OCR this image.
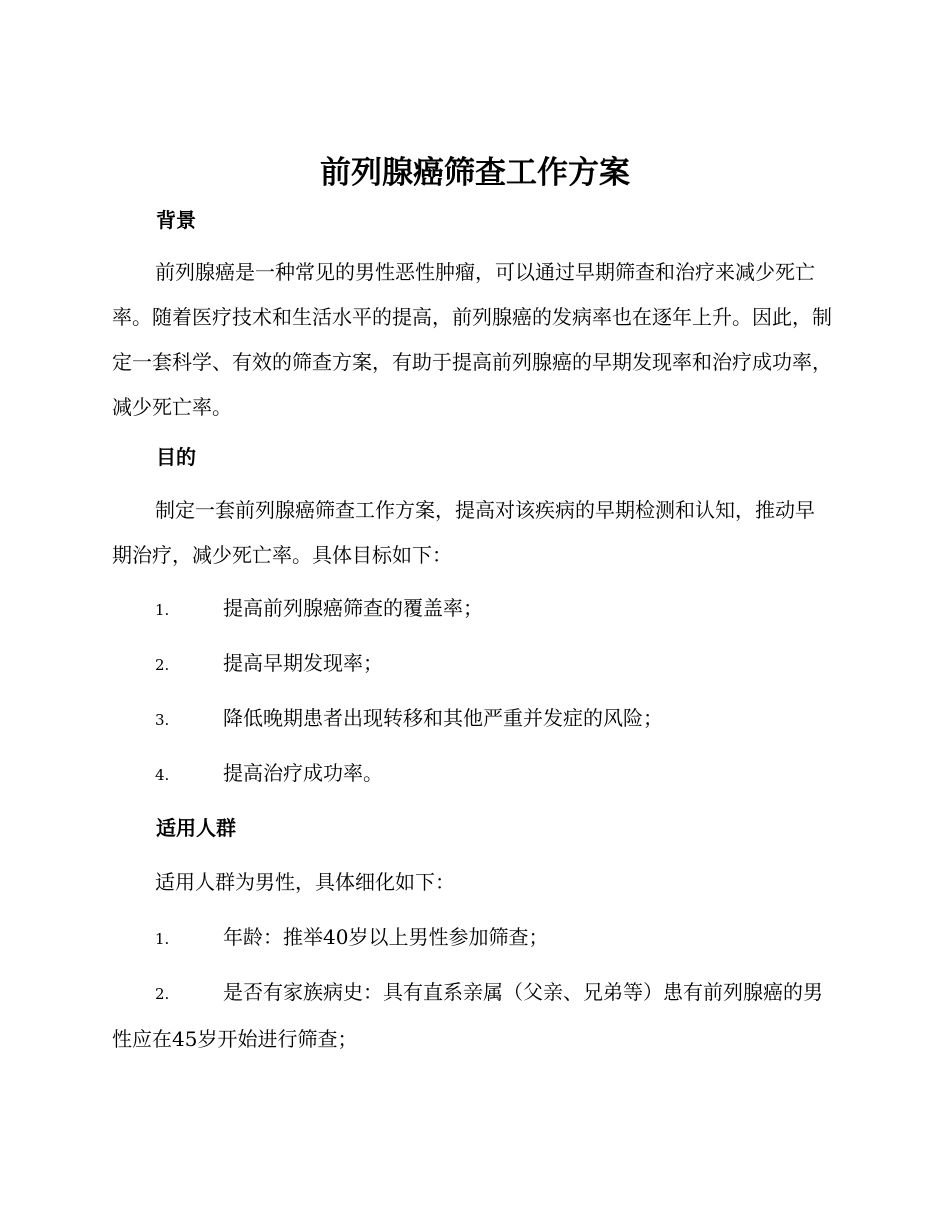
前列腺癌筛查工作方案
背景

前列腺癌是一种常见的男性恶性肿瘤，可以通过早期筛查和治疗来减少死亡率。随着医疗技术和生活水平的提高，前列腺癌的发病率也在逐年上升。因此，制定一套科学、有效的筛查方案，有助于提高前列腺癌的早期发现率和治疗成功率，减少死亡率。

目的

制定一套前列腺癌筛查工作方案，提高对该疾病的早期检测和认知，推动早期治疗，减少死亡率。具体目标如下：

1.	提高前列腺癌筛查的覆盖率；

2.	提高早期发现率；

3.	降低晚期患者出现转移和其他严重并发症的风险；

4.	提高治疗成功率。

适用人群

适用人群为男性，具体细化如下：

1.	年龄：推举40岁以上男性参加筛查；

2.	是否有家族病史：具有直系亲属（父亲、兄弟等）患有前列腺癌的男性应在45岁开始进行筛查；
